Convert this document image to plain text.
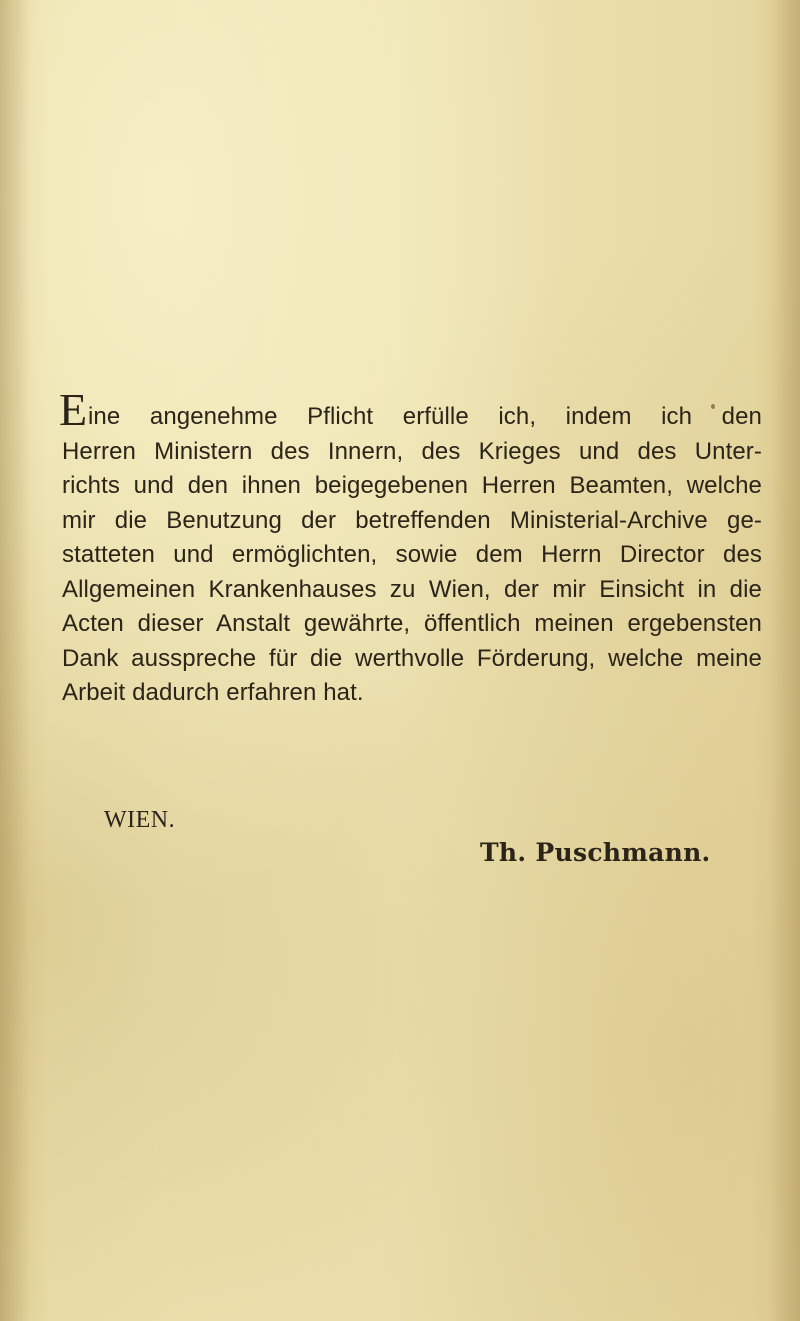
E ine angenehme Pflicht erfülle ich, indem ich den
Herren Ministern des Innern, des Krieges und des Unter-
richts und den ihnen beigegebenen Herren Beamten, welche
mir die Benutzung der betreffenden Ministerial-Archive ge-
statteten und ermöglichten, sowie dem Herrn Director des
Allgemeinen Krankenhauses zu Wien, der mir Einsicht in die
Acten dieser Anstalt gewährte, öffentlich meinen ergebensten
Dank ausspreche für die werthvolle Förderung, welche meine
Arbeit dadurch erfahren hat.
WIEN.
Th. Puschmann.
